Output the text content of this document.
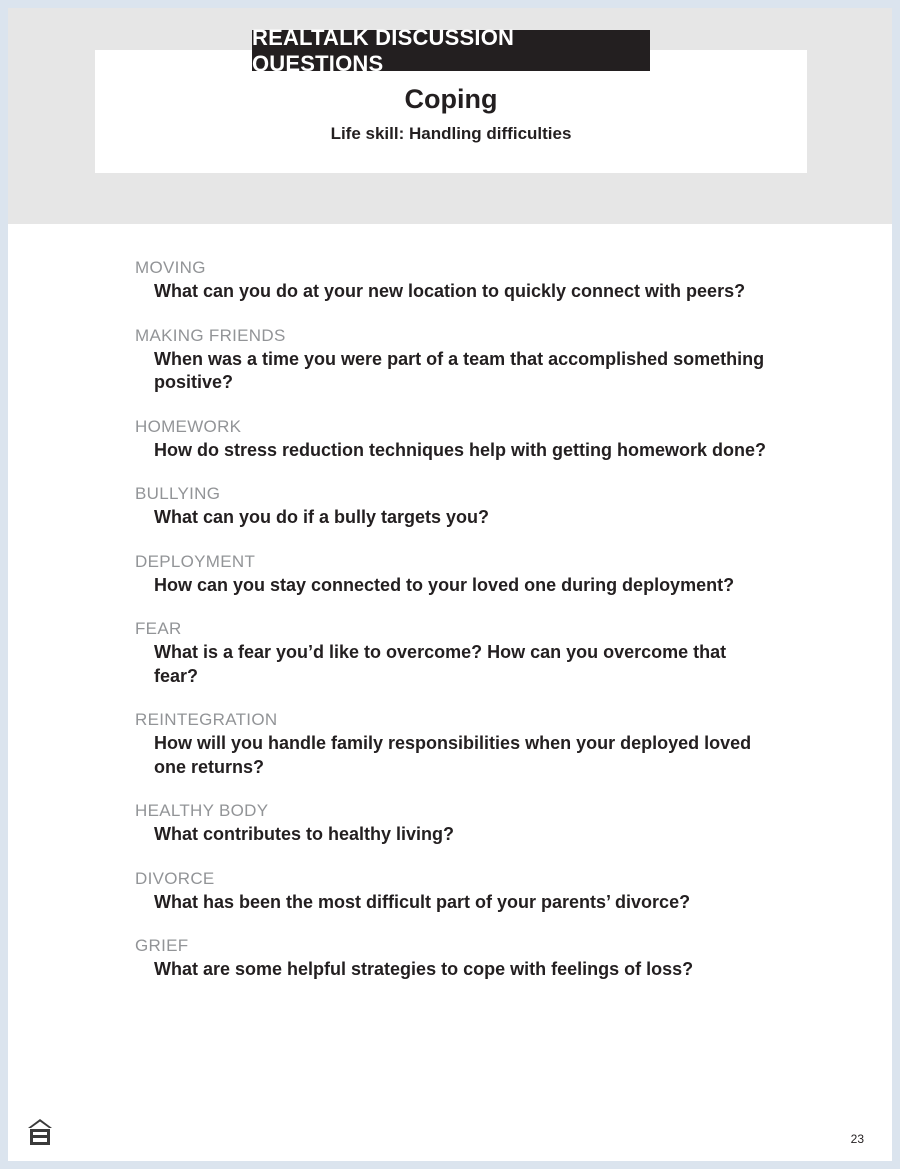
Coping
Life skill: Handling difficulties
REALTALK DISCUSSION QUESTIONS
MOVING
What can you do at your new location to quickly connect with peers?
MAKING FRIENDS
When was a time you were part of a team that accomplished something positive?
HOMEWORK
How do stress reduction techniques help with getting homework done?
BULLYING
What can you do if a bully targets you?
DEPLOYMENT
How can you stay connected to your loved one during deployment?
FEAR
What is a fear you’d like to overcome? How can you overcome that fear?
REINTEGRATION
How will you handle family responsibilities when your deployed loved one returns?
HEALTHY BODY
What contributes to healthy living?
DIVORCE
What has been the most difficult part of your parents’ divorce?
GRIEF
What are some helpful strategies to cope with feelings of loss?
23
